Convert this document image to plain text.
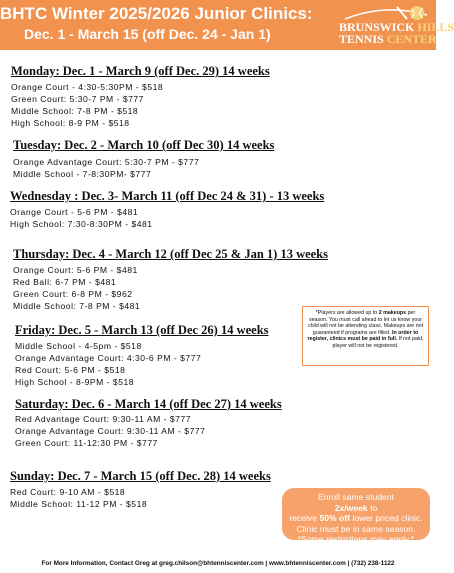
BHTC Winter 2025/2026 Junior Clinics:
Dec. 1 - March 15 (off Dec. 24 - Jan 1)	BRUNSWICK HILLS
TENNIS CENTER
Monday: Dec. 1 - March 9 (off Dec. 29) 14 weeks
Orange Court - 4:30-5:30PM - $518
Green Court: 5:30-7 PM - $777
Middle School: 7-8 PM - $518
High School: 8-9 PM - $518
Tuesday: Dec. 2 - March 10 (off Dec 30) 14 weeks
Orange Advantage Court: 5:30-7 PM - $777
Middle School - 7-8:30PM- $777
Wednesday : Dec. 3- March 11 (off Dec 24 & 31) - 13 weeks
Orange Court - 5-6 PM - $481
High School: 7:30-8:30PM - $481
Thursday: Dec. 4 - March 12 (off Dec 25 & Jan 1) 13 weeks
Orange Court: 5-6 PM - $481
Red Ball: 6-7 PM - $481
Green Court: 6-8 PM - $962
Middle School: 7-8 PM - $481
Friday: Dec. 5 - March 13 (off Dec 26) 14 weeks
Middle School - 4-5pm - $518
Orange Advantage Court: 4:30-6 PM - $777
Red Court: 5-6 PM - $518
High School - 8-9PM - $518
Saturday: Dec. 6 - March 14 (off Dec 27) 14 weeks
Red Advantage Court: 9:30-11 AM - $777
Orange Advantage Court: 9:30-11 AM - $777
Green Court: 11-12:30 PM - $777
Sunday: Dec. 7 - March 15 (off Dec. 28) 14 weeks
Red Court: 9-10 AM - $518
Middle School: 11-12 PM - $518
*Players are allowed up to 2 makeups per season. You must call ahead to let us know your child will not be attending class. Makeups are not guaranteed if programs are filled. In order to register, clinics must be paid in full. If not paid, player will not be registered.
Enroll same student
2x/week to
receive 50% off lower priced clinic.
Clinic must be in same season.
*Some restrictions may apply.*
For More Information, Contact Greg at greg.chilson@bhtenniscenter.com | www.bhtenniscenter.com | (732) 238-1122
